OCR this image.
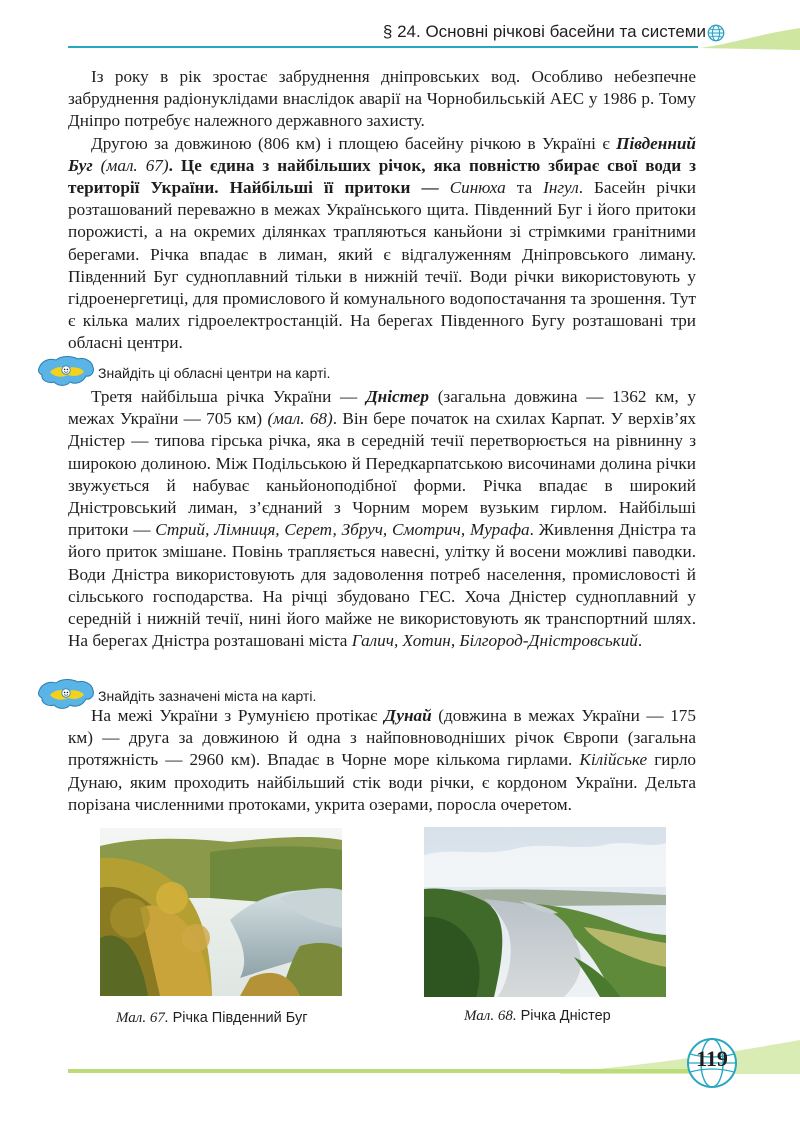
§ 24. Основні річкові басейни та системи

Із року в рік зростає забруднення дніпровських вод. Особливо небезпечне забруднення радіонуклідами внаслідок аварії на Чорнобильській АЕС у 1986 р. Тому Дніпро потребує належного державного захисту.

Другою за довжиною (806 км) і площею басейну річкою в Україні є Південний Буг (мал. 67). Це єдина з найбільших річок, яка повністю збирає свої води з території України. Найбільші її притоки — Синюха та Інгул. Басейн річки розташований переважно в межах Українського щита. Південний Буг і його притоки порожисті, а на окремих ділянках трапляються каньйони зі стрімкими гранітними берегами. Річка впадає в лиман, який є відгалуженням Дніпровського лиману. Південний Буг судноплавний тільки в нижній течії. Води річки використовують у гідроенергетиці, для промислового й комунального водопостачання та зрошення. Тут є кілька малих гідроелектростанцій. На берегах Південного Бугу розташовані три обласні центри.

Знайдіть ці обласні центри на карті.

Третя найбільша річка України — Дністер (загальна довжина — 1362 км, у межах України — 705 км) (мал. 68). Він бере початок на схилах Карпат. У верхів’ях Дністер — типова гірська річка, яка в середній течії перетворюється на рівнинну з широкою долиною. Між Подільською й Передкарпатською височинами долина річки звужується й набуває каньйоноподібної форми. Річка впадає в широкий Дністровський лиман, з’єднаний з Чорним морем вузьким гирлом. Найбільші притоки — Стрий, Лімниця, Серет, Збруч, Смотрич, Мурафа. Живлення Дністра та його приток змішане. Повінь трапляється навесні, улітку й восени можливі паводки. Води Дністра використовують для задоволення потреб населення, промисловості й сільського господарства. На річці збудовано ГЕС. Хоча Дністер судноплавний у середній і нижній течії, нині його майже не використовують як транспортний шлях. На берегах Дністра розташовані міста Галич, Хотин, Білгород-Дністровський.

Знайдіть зазначені міста на карті.

На межі України з Румунією протікає Дунай (довжина в межах України — 175 км) — друга за довжиною й одна з найповноводніших річок Європи (загальна протяжність — 2960 км). Впадає в Чорне море кількома гирлами. Кілійське гирло Дунаю, яким проходить найбільший стік води річки, є кордоном України. Дельта порізана численними протоками, укрита озерами, поросла очеретом.

Мал. 67. Річка Південний Буг	Мал. 68. Річка Дністер
119
